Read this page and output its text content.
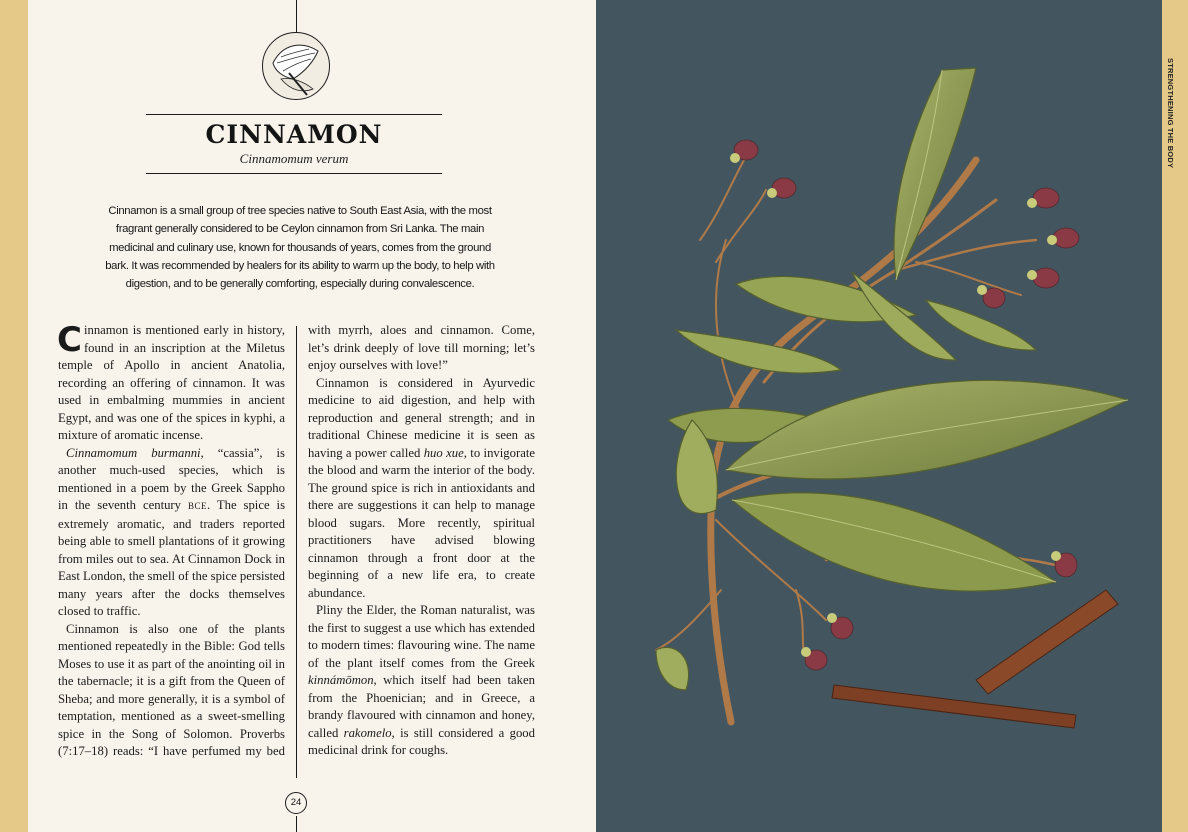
STRENGTHENING THE BODY
CINNAMON
Cinnamomum verum
Cinnamon is a small group of tree species native to South East Asia, with the most fragrant generally considered to be Ceylon cinnamon from Sri Lanka. The main medicinal and culinary use, known for thousands of years, comes from the ground bark. It was recommended by healers for its ability to warm up the body, to help with digestion, and to be generally comforting, especially during convalescence.

Cinnamon is mentioned early in history, found in an inscription at the Miletus temple of Apollo in ancient Anatolia, recording an offering of cinnamon. It was used in embalming mummies in ancient Egypt, and was one of the spices in kyphi, a mixture of aromatic incense.

Cinnamomum burmanni, “cassia”, is another much-used species, which is mentioned in a poem by the Greek Sappho in the seventh century BCE. The spice is extremely aromatic, and traders reported being able to smell plantations of it growing from miles out to sea. At Cinnamon Dock in East London, the smell of the spice persisted many years after the docks themselves closed to traffic.

Cinnamon is also one of the plants mentioned repeatedly in the Bible: God tells Moses to use it as part of the anointing oil in the tabernacle; it is a gift from the Queen of Sheba; and more generally, it is a symbol of temptation, mentioned as a sweet-smelling spice in the Song of Solomon. Proverbs (7:17–18) reads: “I have perfumed my bed

with myrrh, aloes and cinnamon. Come, let’s drink deeply of love till morning; let’s enjoy ourselves with love!”

Cinnamon is considered in Ayurvedic medicine to aid digestion, and help with reproduction and general strength; and in traditional Chinese medicine it is seen as having a power called huo xue, to invigorate the blood and warm the interior of the body. The ground spice is rich in antioxidants and there are suggestions it can help to manage blood sugars. More recently, spiritual practitioners have advised blowing cinnamon through a front door at the beginning of a new life era, to create abundance.

Pliny the Elder, the Roman naturalist, was the first to suggest a use which has extended to modern times: flavouring wine. The name of the plant itself comes from the Greek kinnámōmon, which itself had been taken from the Phoenician; and in Greece, a brandy flavoured with cinnamon and honey, called rakomelo, is still considered a good medicinal drink for coughs.

24
